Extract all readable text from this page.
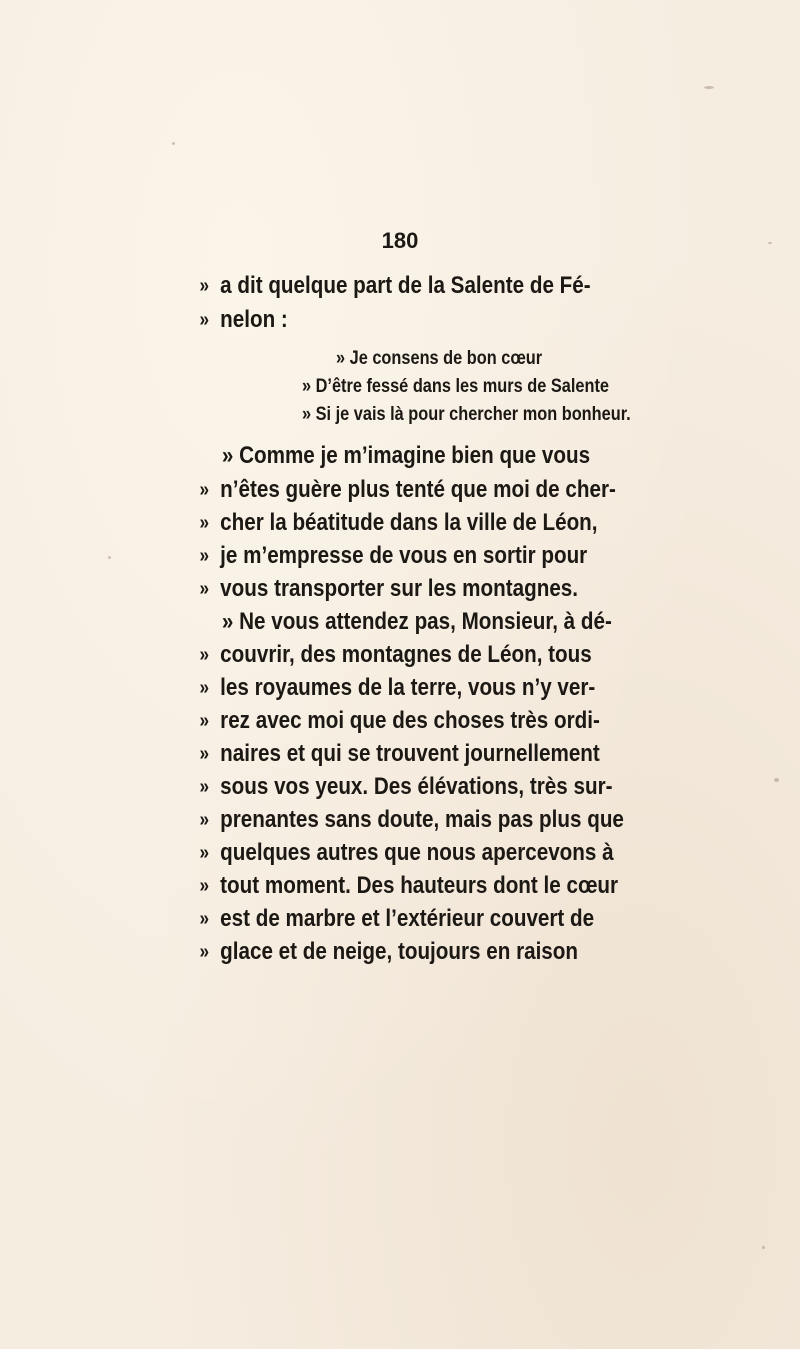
180
» a dit quelque part de la Salente de Fé-
» nelon :
» Je consens de bon cœur
» D’être fessé dans les murs de Salente
» Si je vais là pour chercher mon bonheur.
» Comme je m’imagine bien que vous
» n’êtes guère plus tenté que moi de cher-
» cher la béatitude dans la ville de Léon,
» je m’empresse de vous en sortir pour
» vous transporter sur les montagnes.
» Ne vous attendez pas, Monsieur, à dé-
» couvrir, des montagnes de Léon, tous
» les royaumes de la terre, vous n’y ver-
» rez avec moi que des choses très ordi-
» naires et qui se trouvent journellement
» sous vos yeux. Des élévations, très sur-
» prenantes sans doute, mais pas plus que
» quelques autres que nous apercevons à
» tout moment. Des hauteurs dont le cœur
» est de marbre et l’extérieur couvert de
» glace et de neige, toujours en raison
